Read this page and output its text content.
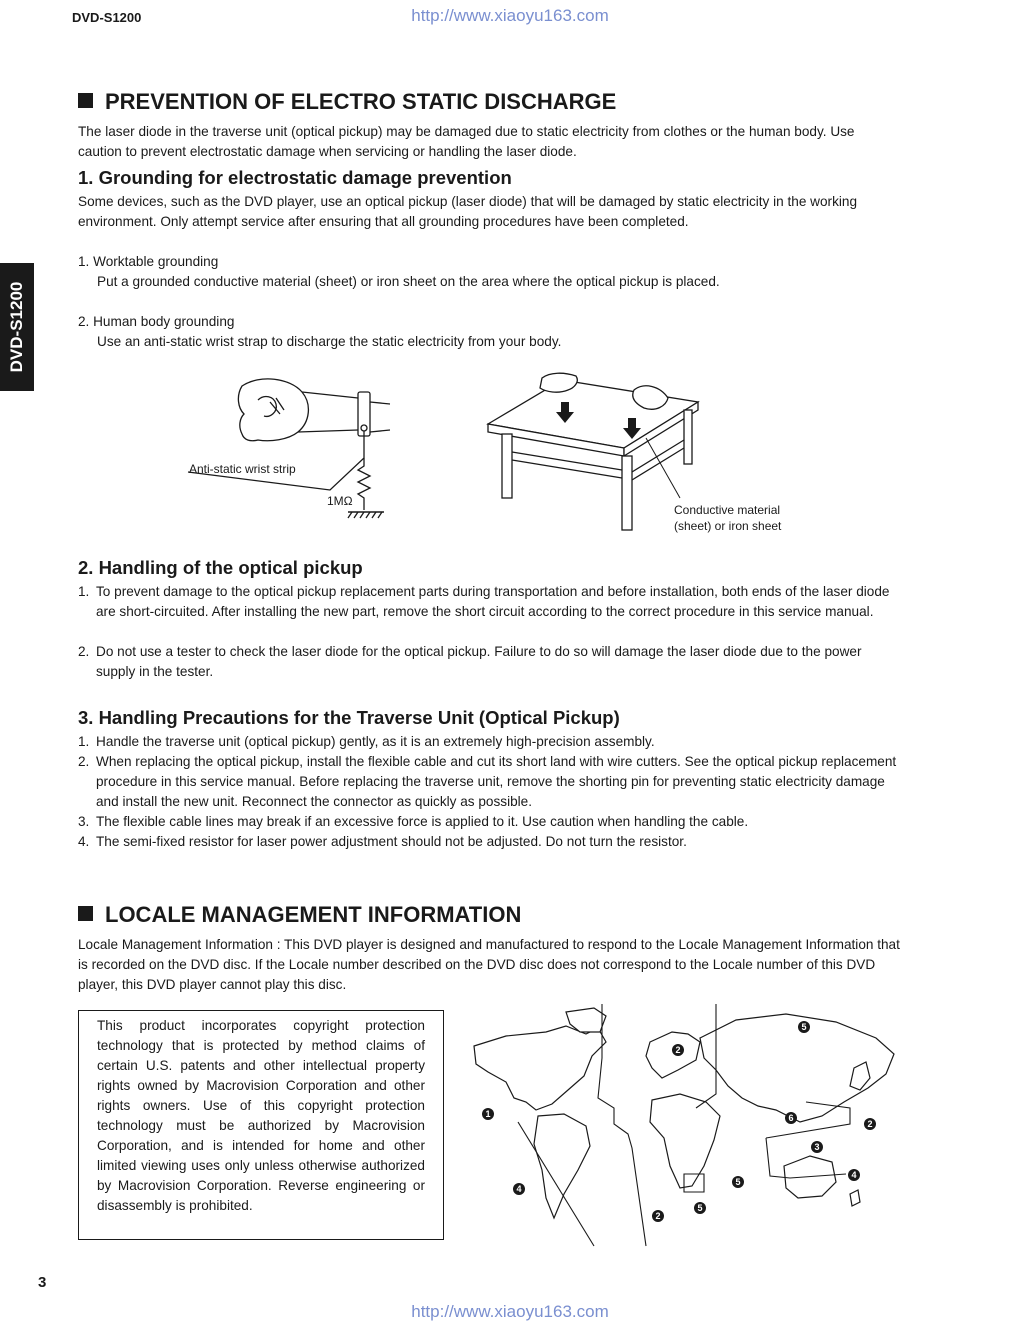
DVD-S1200	http://www.xiaoyu163.com
DVD-S1200
PREVENTION OF ELECTRO STATIC DISCHARGE
The laser diode in the traverse unit (optical pickup) may be damaged due to static electricity from clothes or the human body. Use caution to prevent electrostatic damage when servicing or handling the laser diode.
1. Grounding for electrostatic damage prevention
Some devices, such as the DVD player, use an optical pickup (laser diode) that will be damaged by static electricity in the working environment. Only attempt service after ensuring that all grounding procedures have been completed.
1. Worktable grounding
Put a grounded conductive material (sheet) or iron sheet on the area where the optical pickup is placed.
2. Human body grounding
Use an anti-static wrist strap to discharge the static electricity from your body.
Anti-static wrist strip
1MΩ
Conductive material
(sheet) or iron sheet
2. Handling of the optical pickup
1. To prevent damage to the optical pickup replacement parts during transportation and before installation, both ends of the laser diode are short-circuited. After installing the new part, remove the short circuit according to the correct procedure in this service manual.
2. Do not use a tester to check the laser diode for the optical pickup. Failure to do so will damage the laser diode due to the power supply in the tester.
3. Handling Precautions for the Traverse Unit (Optical Pickup)
1. Handle the traverse unit (optical pickup) gently, as it is an extremely high-precision assembly.
2. When replacing the optical pickup, install the flexible cable and cut its short land with wire cutters. See the optical pickup replacement procedure in this service manual. Before replacing the traverse unit, remove the shorting pin for preventing static electricity damage and install the new unit. Reconnect the connector as quickly as possible.
3. The flexible cable lines may break if an excessive force is applied to it. Use caution when handling the cable.
4. The semi-fixed resistor for laser power adjustment should not be adjusted. Do not turn the resistor.
LOCALE MANAGEMENT INFORMATION
Locale Management Information : This DVD player is designed and manufactured to respond to the Locale Management Information that is recorded on the DVD disc. If the Locale number described on the DVD disc does not correspond to the Locale number of this DVD player, this DVD player cannot play this disc.
This product incorporates copyright protection technology that is protected by method claims of certain U.S. patents and other intellectual property rights owned by Macrovision Corporation and other rights owners. Use of this copyright protection technology must be authorized by Macrovision Corporation, and is intended for home and other limited viewing uses only unless otherwise authorized by Macrovision Corporation. Reverse engineering or disassembly is prohibited.
1
2
2
2
3
4
4
5
5
5
6
3
http://www.xiaoyu163.com
